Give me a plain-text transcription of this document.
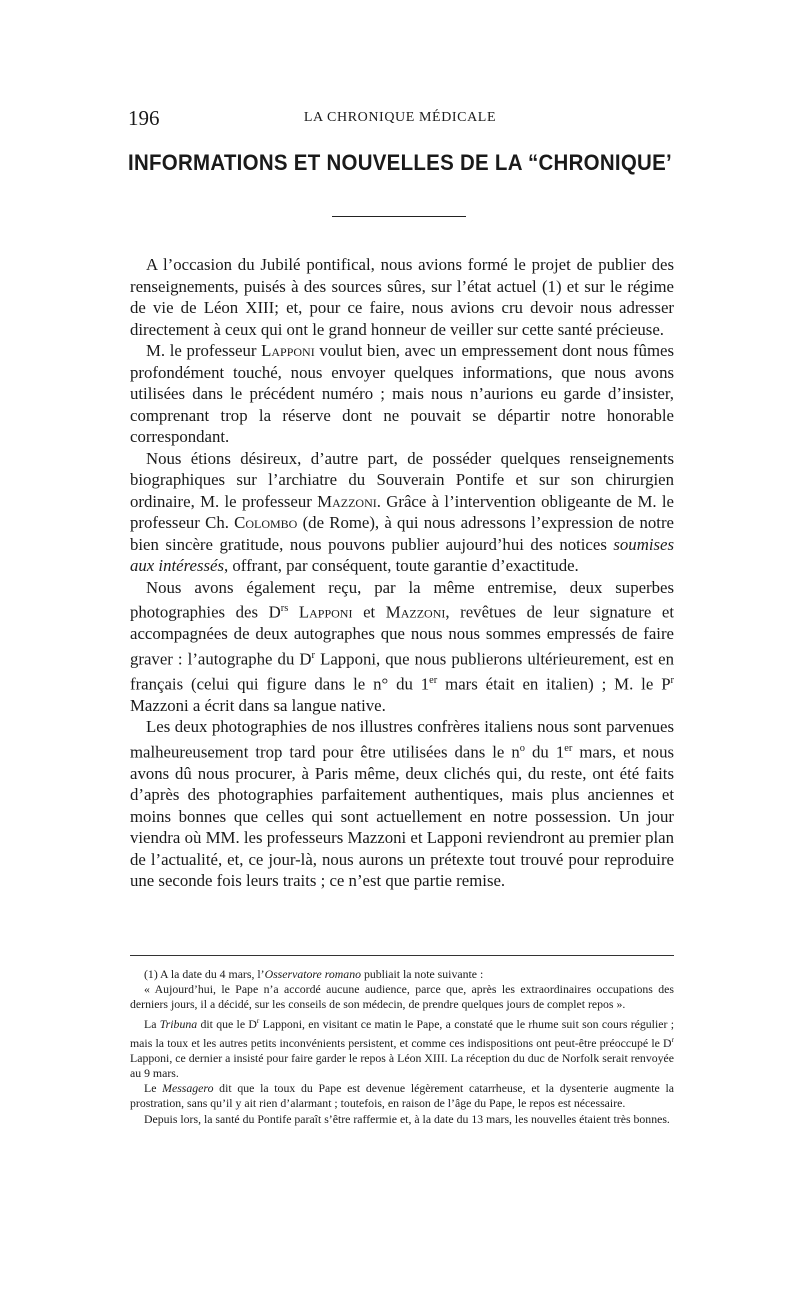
196	LA CHRONIQUE MÉDICALE
INFORMATIONS ET NOUVELLES DE LA “CHRONIQUE’

A l’occasion du Jubilé pontifical, nous avions formé le projet de publier des renseignements, puisés à des sources sûres, sur l’état actuel (1) et sur le régime de vie de Léon XIII; et, pour ce faire, nous avions cru devoir nous adresser directement à ceux qui ont le grand honneur de veiller sur cette santé précieuse.

M. le professeur Lapponi voulut bien, avec un empressement dont nous fûmes profondément touché, nous envoyer quelques informations, que nous avons utilisées dans le précédent numéro ; mais nous n’aurions eu garde d’insister, comprenant trop la réserve dont ne pouvait se départir notre honorable correspondant.

Nous étions désireux, d’autre part, de posséder quelques renseignements biographiques sur l’archiatre du Souverain Pontife et sur son chirurgien ordinaire, M. le professeur Mazzoni. Grâce à l’intervention obligeante de M. le professeur Ch. Colombo (de Rome), à qui nous adressons l’expression de notre bien sincère gratitude, nous pouvons publier aujourd’hui des notices soumises aux intéressés, offrant, par conséquent, toute garantie d’exactitude.

Nous avons également reçu, par la même entremise, deux superbes photographies des $D^{rs}$ Lapponi et Mazzoni, revêtues de leur signature et accompagnées de deux autographes que nous nous sommes empressés de faire graver : l’autographe du $D^r$ Lapponi, que nous publierons ultérieurement, est en français (celui qui figure dans le n° du 1er mars était en italien) ; M. le $P^r$ Mazzoni a écrit dans sa langue native.

Les deux photographies de nos illustres confrères italiens nous sont parvenues malheureusement trop tard pour être utilisées dans le $n^o$ du 1er mars, et nous avons dû nous procurer, à Paris même, deux clichés qui, du reste, ont été faits d’après des photographies parfaitement authentiques, mais plus anciennes et moins bonnes que celles qui sont actuellement en notre possession. Un jour viendra où MM. les professeurs Mazzoni et Lapponi reviendront au premier plan de l’actualité, et, ce jour-là, nous aurons un prétexte tout trouvé pour reproduire une seconde fois leurs traits ; ce n’est que partie remise.

(1) A la date du 4 mars, l’Osservatore romano publiait la note suivante :

« Aujourd’hui, le Pape n’a accordé aucune audience, parce que, après les extraordinaires occupations des derniers jours, il a décidé, sur les conseils de son médecin, de prendre quelques jours de complet repos ».

La Tribuna dit que le $D^r$ Lapponi, en visitant ce matin le Pape, a constaté que le rhume suit son cours régulier ; mais la toux et les autres petits inconvénients persistent, et comme ces indispositions ont peut-être préoccupé le $D^r$ Lapponi, ce dernier a insisté pour faire garder le repos à Léon XIII. La réception du duc de Norfolk serait renvoyée au 9 mars.

Le Messagero dit que la toux du Pape est devenue légèrement catarrheuse, et la dysenterie augmente la prostration, sans qu’il y ait rien d’alarmant ; toutefois, en raison de l’âge du Pape, le repos est nécessaire.

Depuis lors, la santé du Pontife paraît s’être raffermie et, à la date du 13 mars, les nouvelles étaient très bonnes.
